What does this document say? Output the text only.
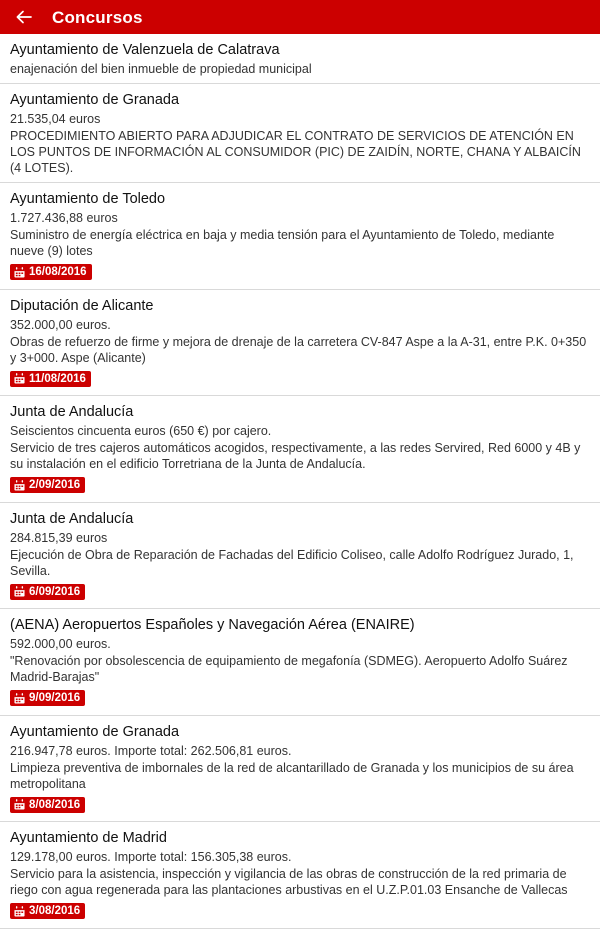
Concursos
Ayuntamiento de Valenzuela de Calatrava
enajenación del bien inmueble de propiedad municipal
Ayuntamiento de Granada
21.535,04 euros
PROCEDIMIENTO ABIERTO PARA ADJUDICAR EL CONTRATO DE SERVICIOS DE ATENCIÓN EN LOS PUNTOS DE INFORMACIÓN AL CONSUMIDOR (PIC) DE ZAIDÍN, NORTE, CHANA Y ALBAICÍN (4 LOTES).
Ayuntamiento de Toledo
1.727.436,88 euros
Suministro de energía eléctrica en baja y media tensión para el Ayuntamiento de Toledo, mediante nueve (9) lotes
16/08/2016
Diputación de Alicante
352.000,00 euros.
Obras de refuerzo de firme y mejora de drenaje de la carretera CV-847 Aspe a la A-31, entre P.K. 0+350 y 3+000. Aspe (Alicante)
11/08/2016
Junta de Andalucía
Seiscientos cincuenta euros (650 €) por cajero.
Servicio de tres cajeros automáticos acogidos, respectivamente, a las redes Servired, Red 6000 y 4B y su instalación en el edificio Torretriana de la Junta de Andalucía.
2/09/2016
Junta de Andalucía
284.815,39 euros
Ejecución de Obra de Reparación de Fachadas del Edificio Coliseo, calle Adolfo Rodríguez Jurado, 1, Sevilla.
6/09/2016
(AENA) Aeropuertos Españoles y Navegación Aérea (ENAIRE)
592.000,00 euros.
"Renovación por obsolescencia de equipamiento de megafonía (SDMEG). Aeropuerto Adolfo Suárez Madrid-Barajas"
9/09/2016
Ayuntamiento de Granada
216.947,78 euros. Importe total: 262.506,81 euros.
Limpieza preventiva de imbornales de la red de alcantarillado de Granada y los municipios de su área metropolitana
8/08/2016
Ayuntamiento de Madrid
129.178,00 euros. Importe total: 156.305,38 euros.
Servicio para la asistencia, inspección y vigilancia de las obras de construcción de la red primaria de riego con agua regenerada para las plantaciones arbustivas en el U.Z.P.01.03 Ensanche de Vallecas
3/08/2016
